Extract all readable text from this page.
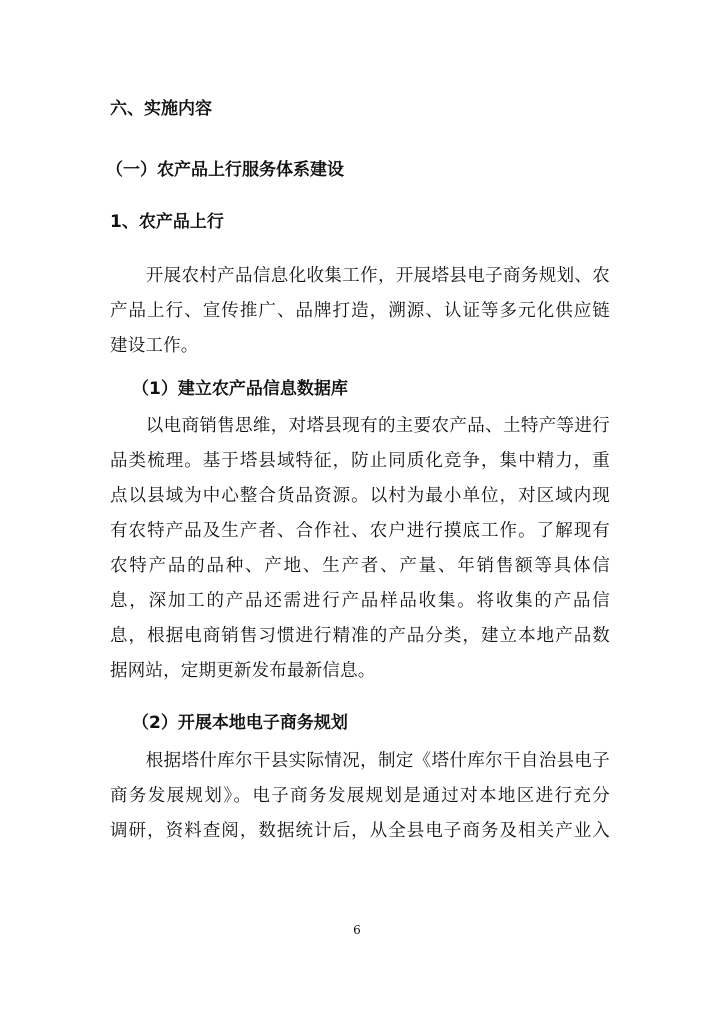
六、实施内容
（一）农产品上行服务体系建设
1、农产品上行
　　开展农村产品信息化收集工作，开展塔县电子商务规划、农
产品上行、宣传推广、品牌打造，溯源、认证等多元化供应链
建设工作。
（1）建立农产品信息数据库
　　以电商销售思维，对塔县现有的主要农产品、土特产等进行
品类梳理。基于塔县域特征，防止同质化竞争，集中精力，重
点以县域为中心整合货品资源。以村为最小单位，对区域内现
有农特产品及生产者、合作社、农户进行摸底工作。了解现有
农特产品的品种、产地、生产者、产量、年销售额等具体信
息，深加工的产品还需进行产品样品收集。将收集的产品信
息，根据电商销售习惯进行精准的产品分类，建立本地产品数
据网站，定期更新发布最新信息。
（2）开展本地电子商务规划
　　根据塔什库尔干县实际情况，制定《塔什库尔干自治县电子
商务发展规划》。电子商务发展规划是通过对本地区进行充分
调研，资料查阅，数据统计后，从全县电子商务及相关产业入

6
